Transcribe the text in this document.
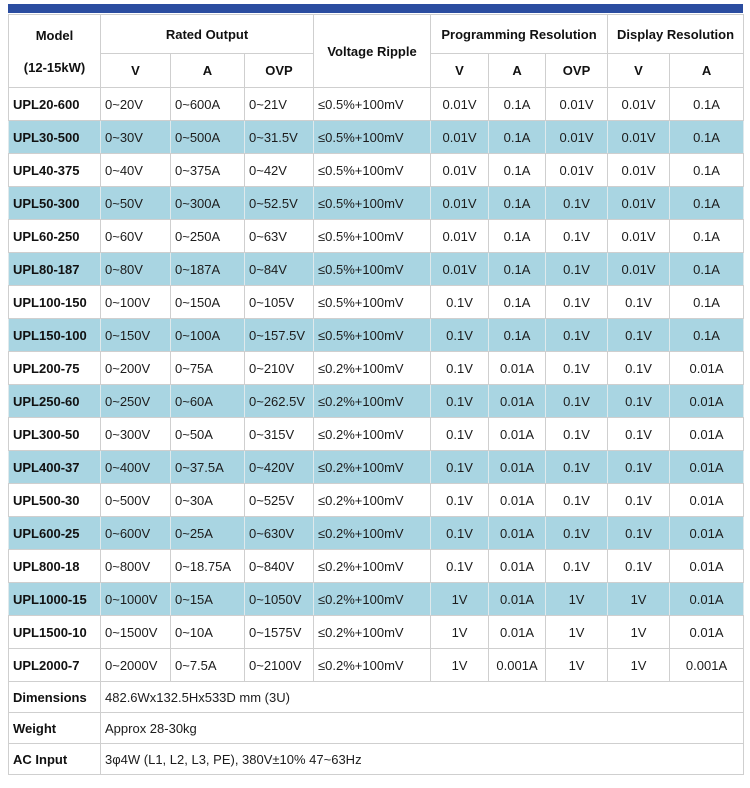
Model
(12-15kW)	Rated Output			Voltage Ripple	Programming Resolution			Display Resolution	
	V	A	OVP		V	A	OVP	V	A
UPL20-600	0~20V	0~600A	0~21V	≤0.5%+100mV	0.01V	0.1A	0.01V	0.01V	0.1A
UPL30-500	0~30V	0~500A	0~31.5V	≤0.5%+100mV	0.01V	0.1A	0.01V	0.01V	0.1A
UPL40-375	0~40V	0~375A	0~42V	≤0.5%+100mV	0.01V	0.1A	0.01V	0.01V	0.1A
UPL50-300	0~50V	0~300A	0~52.5V	≤0.5%+100mV	0.01V	0.1A	0.1V	0.01V	0.1A
UPL60-250	0~60V	0~250A	0~63V	≤0.5%+100mV	0.01V	0.1A	0.1V	0.01V	0.1A
UPL80-187	0~80V	0~187A	0~84V	≤0.5%+100mV	0.01V	0.1A	0.1V	0.01V	0.1A
UPL100-150	0~100V	0~150A	0~105V	≤0.5%+100mV	0.1V	0.1A	0.1V	0.1V	0.1A
UPL150-100	0~150V	0~100A	0~157.5V	≤0.5%+100mV	0.1V	0.1A	0.1V	0.1V	0.1A
UPL200-75	0~200V	0~75A	0~210V	≤0.2%+100mV	0.1V	0.01A	0.1V	0.1V	0.01A
UPL250-60	0~250V	0~60A	0~262.5V	≤0.2%+100mV	0.1V	0.01A	0.1V	0.1V	0.01A
UPL300-50	0~300V	0~50A	0~315V	≤0.2%+100mV	0.1V	0.01A	0.1V	0.1V	0.01A
UPL400-37	0~400V	0~37.5A	0~420V	≤0.2%+100mV	0.1V	0.01A	0.1V	0.1V	0.01A
UPL500-30	0~500V	0~30A	0~525V	≤0.2%+100mV	0.1V	0.01A	0.1V	0.1V	0.01A
UPL600-25	0~600V	0~25A	0~630V	≤0.2%+100mV	0.1V	0.01A	0.1V	0.1V	0.01A
UPL800-18	0~800V	0~18.75A	0~840V	≤0.2%+100mV	0.1V	0.01A	0.1V	0.1V	0.01A
UPL1000-15	0~1000V	0~15A	0~1050V	≤0.2%+100mV	1V	0.01A	1V	1V	0.01A
UPL1500-10	0~1500V	0~10A	0~1575V	≤0.2%+100mV	1V	0.01A	1V	1V	0.01A
UPL2000-7	0~2000V	0~7.5A	0~2100V	≤0.2%+100mV	1V	0.001A	1V	1V	0.001A
Dimensions	482.6Wx132.5Hx533D mm (3U)								
Weight	Approx 28-30kg								
AC Input	3φ4W (L1, L2, L3, PE), 380V±10% 47~63Hz								
